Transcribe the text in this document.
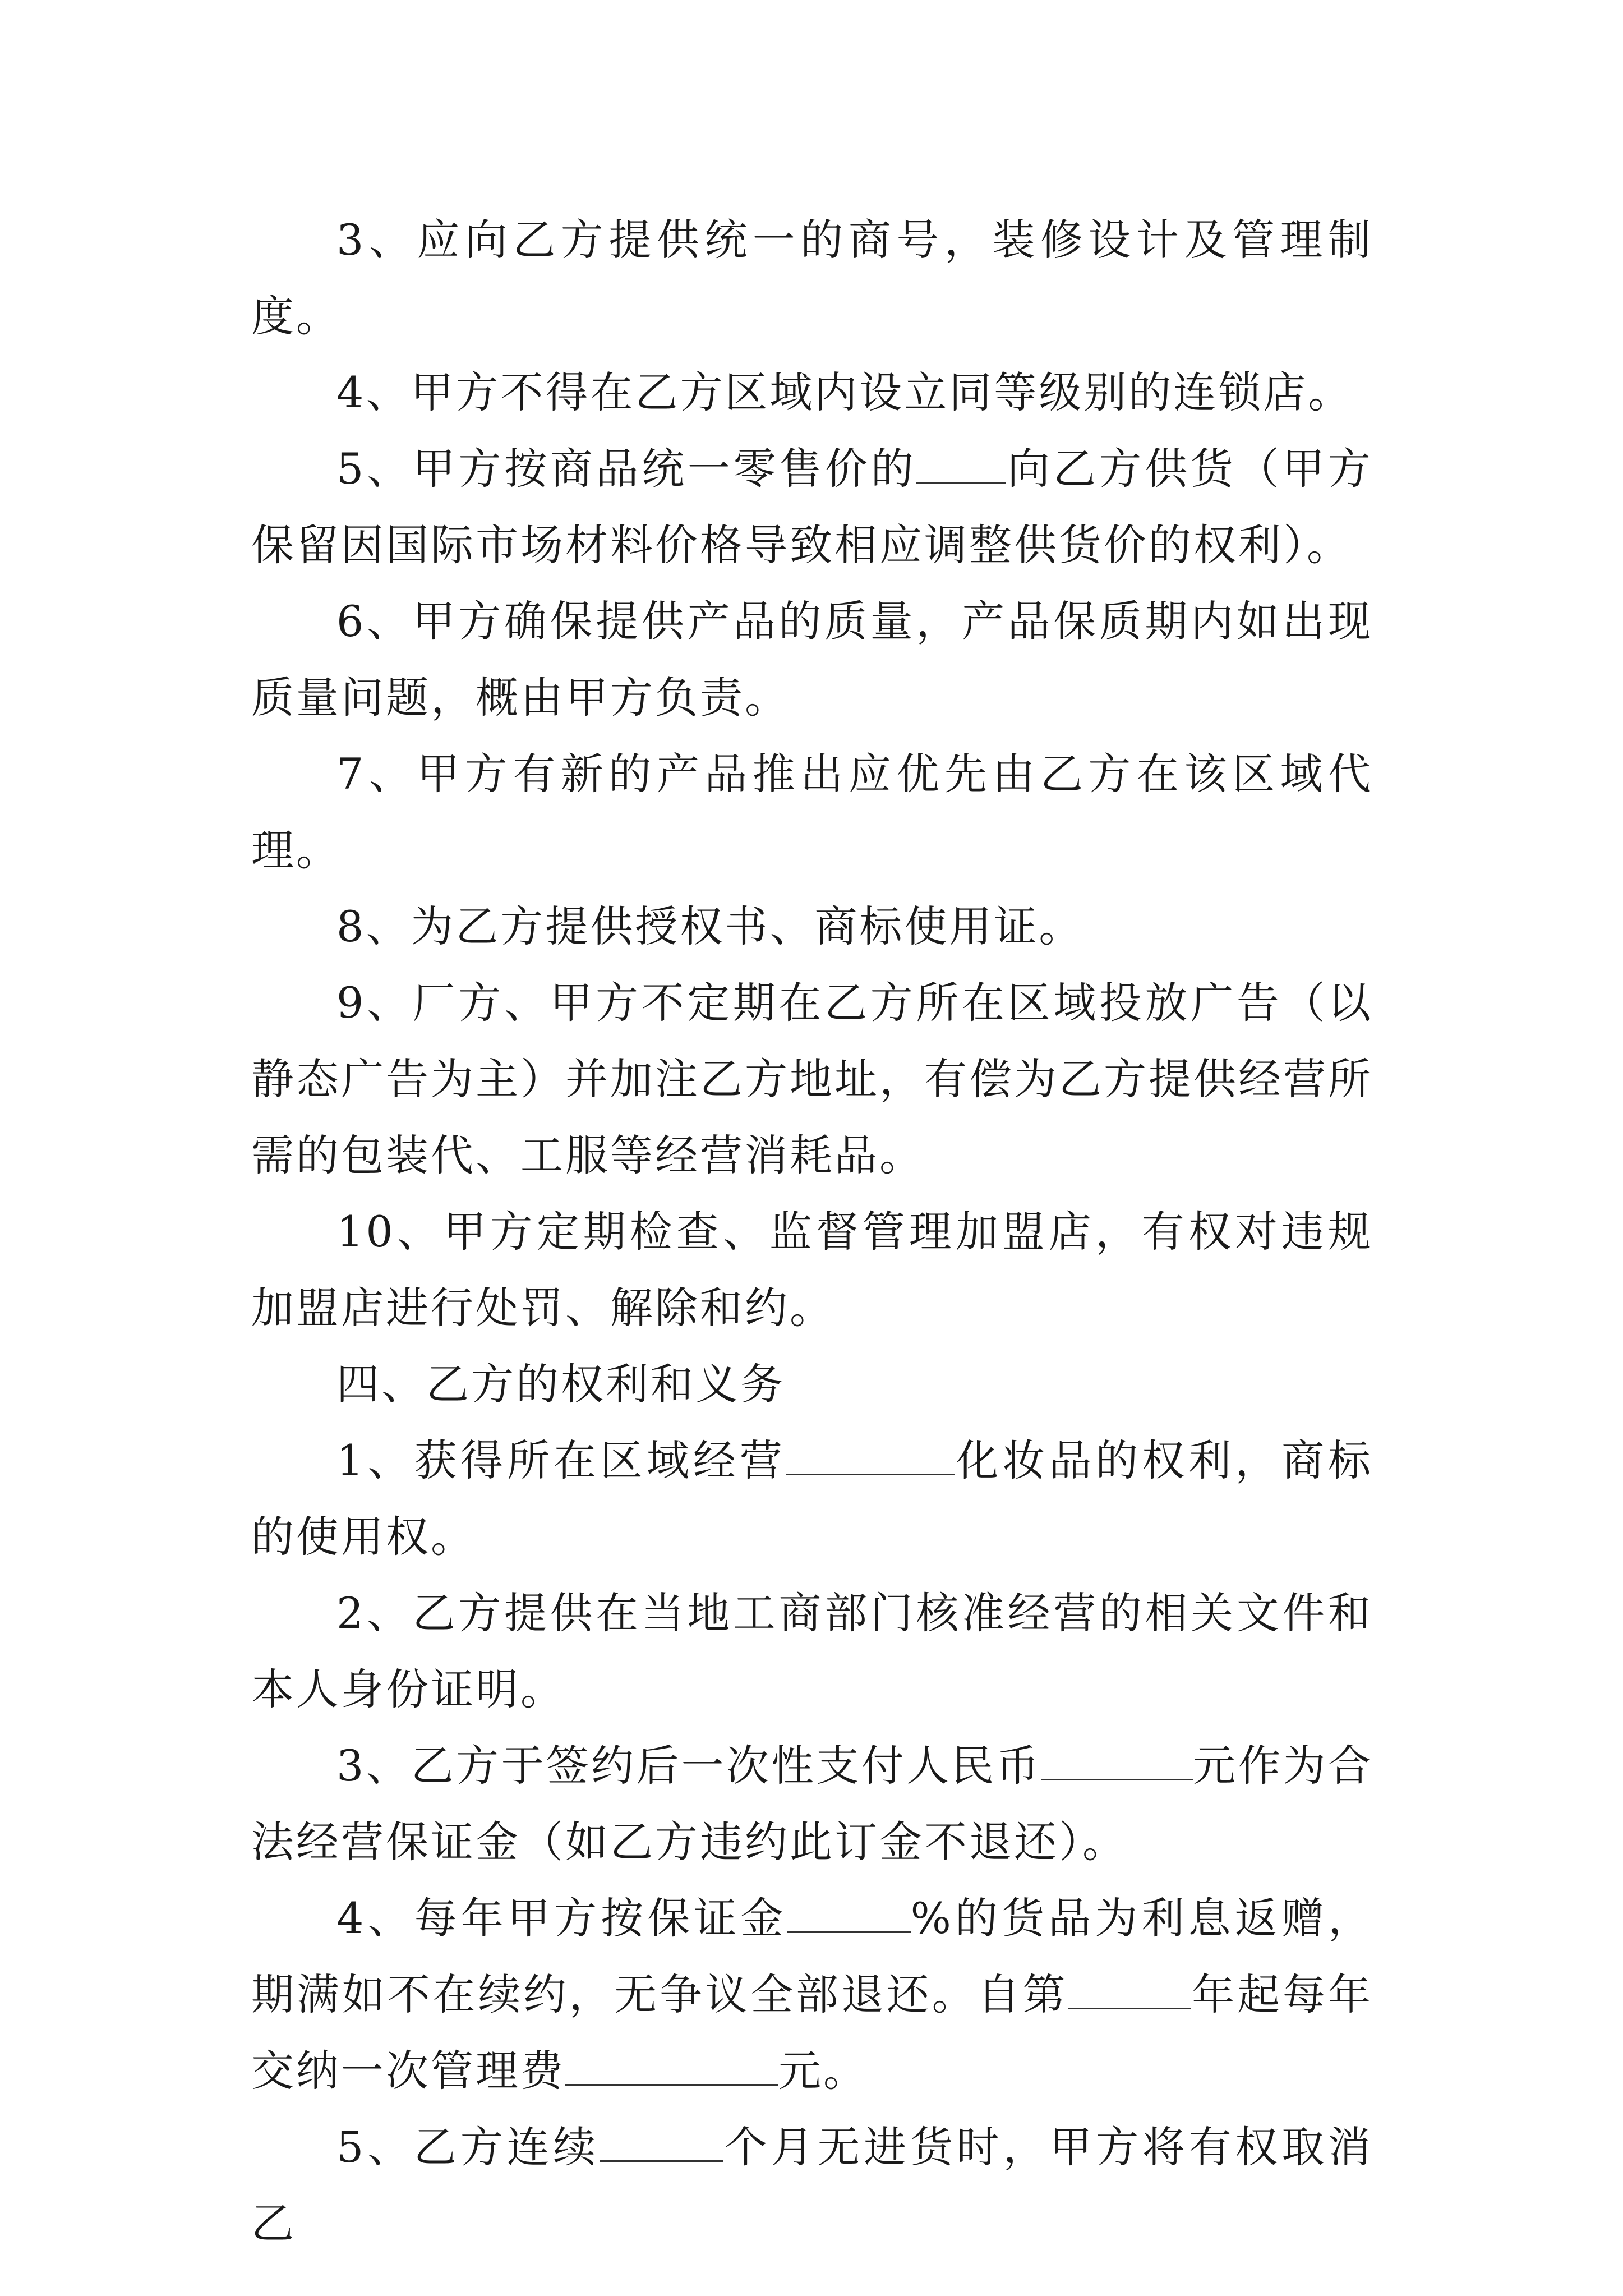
3、应向乙方提供统一的商号，装修设计及管理制度。

4、甲方不得在乙方区域内设立同等级别的连锁店。

5、甲方按商品统一零售价的 向乙方供货（甲方保留因国际市场材料价格导致相应调整供货价的权利）。

6、甲方确保提供产品的质量，产品保质期内如出现质量问题，概由甲方负责。

7、甲方有新的产品推出应优先由乙方在该区域代理。

8、为乙方提供授权书、商标使用证。

9、厂方、甲方不定期在乙方所在区域投放广告（以静态广告为主）并加注乙方地址，有偿为乙方提供经营所需的包装代、工服等经营消耗品。

10、甲方定期检查、监督管理加盟店，有权对违规加盟店进行处罚、解除和约。

四、乙方的权利和义务

1、获得所在区域经营	化妆品的权利，商标的使用权。

2、乙方提供在当地工商部门核准经营的相关文件和本人身份证明。

3、乙方于签约后一次性支付人民币	元作为合法经营保证金（如乙方违约此订金不退还）。

4、每年甲方按保证金	%的货品为利息返赠，期满如不在续约，无争议全部退还。自第	年起每年交纳一次管理费	元。

5、乙方连续	个月无进货时，甲方将有权取消乙
